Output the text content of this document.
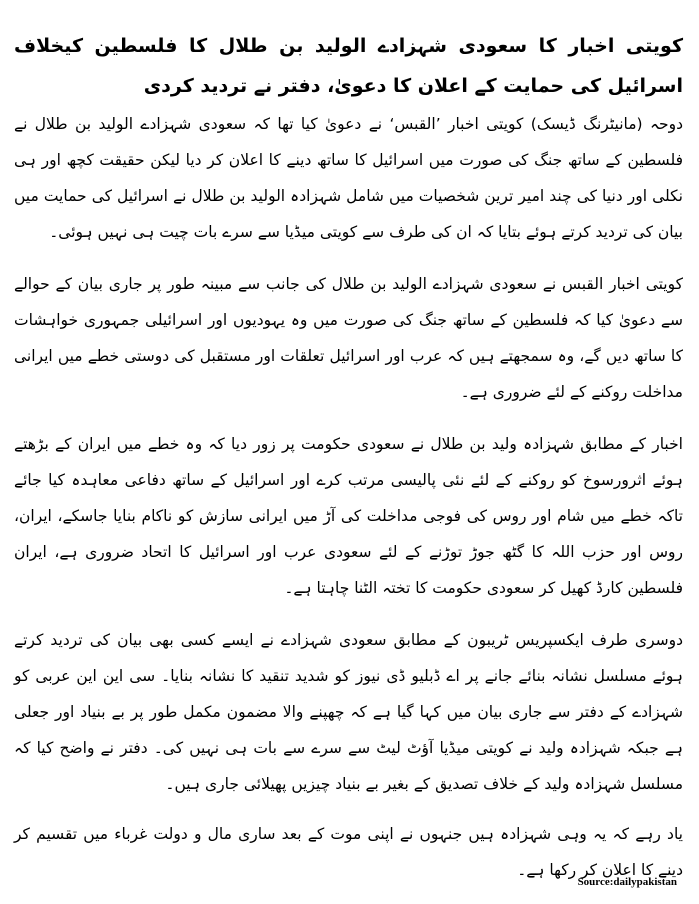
کویتی اخبار کا سعودی شہزادے الولید بن طلال کا فلسطین کیخلاف اسرائیل کی حمایت کے اعلان کا دعویٰ، دفتر نے تردید کردی

دوحہ (مانیٹرنگ ڈیسک) کویتی اخبار ’القبس‘ نے دعویٰ کیا تھا کہ سعودی شہزادے الولید بن طلال نے فلسطین کے ساتھ جنگ کی صورت میں اسرائیل کا ساتھ دینے کا اعلان کر دیا لیکن حقیقت کچھ اور ہی نکلی اور دنیا کی چند امیر ترین شخصیات میں شامل شہزادہ الولید بن طلال نے اسرائیل کی حمایت میں بیان کی تردید کرتے ہوئے بتایا کہ ان کی طرف سے کویتی میڈیا سے سرے بات چیت ہی نہیں ہوئی۔

کویتی اخبار القبس نے سعودی شہزادے الولید بن طلال کی جانب سے مبینہ طور پر جاری بیان کے حوالے سے دعویٰ کیا کہ فلسطین کے ساتھ جنگ کی صورت میں وہ یہودیوں اور اسرائیلی جمہوری خواہشات کا ساتھ دیں گے، وہ سمجھتے ہیں کہ عرب اور اسرائیل تعلقات اور مستقبل کی دوستی خطے میں ایرانی مداخلت روکنے کے لئے ضروری ہے۔

اخبار کے مطابق شہزادہ ولید بن طلال نے سعودی حکومت پر زور دیا کہ وہ خطے میں ایران کے بڑھتے ہوئے اثرورسوخ کو روکنے کے لئے نئی پالیسی مرتب کرے اور اسرائیل کے ساتھ دفاعی معاہدہ کیا جائے تاکہ خطے میں شام اور روس کی فوجی مداخلت کی آڑ میں ایرانی سازش کو ناکام بنایا جاسکے، ایران، روس اور حزب اللہ کا گٹھ جوڑ توڑنے کے لئے سعودی عرب اور اسرائیل کا اتحاد ضروری ہے، ایران فلسطین کارڈ کھیل کر سعودی حکومت کا تختہ الٹنا چاہتا ہے۔

دوسری طرف ایکسپریس ٹریبون کے مطابق سعودی شہزادے نے ایسے کسی بھی بیان کی تردید کرتے ہوئے مسلسل نشانہ بنائے جانے پر اے ڈبلیو ڈی نیوز کو شدید تنقید کا نشانہ بنایا۔ سی این این عربی کو شہزادے کے دفتر سے جاری بیان میں کہا گیا ہے کہ چھپنے والا مضمون مکمل طور پر بے بنیاد اور جعلی ہے جبکہ شہزادہ ولید نے کویتی میڈیا آؤٹ لیٹ سے سرے سے بات ہی نہیں کی۔ دفتر نے واضح کیا کہ مسلسل شہزادہ ولید کے خلاف تصدیق کے بغیر بے بنیاد چیزیں پھیلائی جاری ہیں۔

یاد رہے کہ یہ وہی شہزادہ ہیں جنہوں نے اپنی موت کے بعد ساری مال و دولت غرباء میں تقسیم کر دینے کا اعلان کر رکھا ہے۔

Source:dailypakistan
